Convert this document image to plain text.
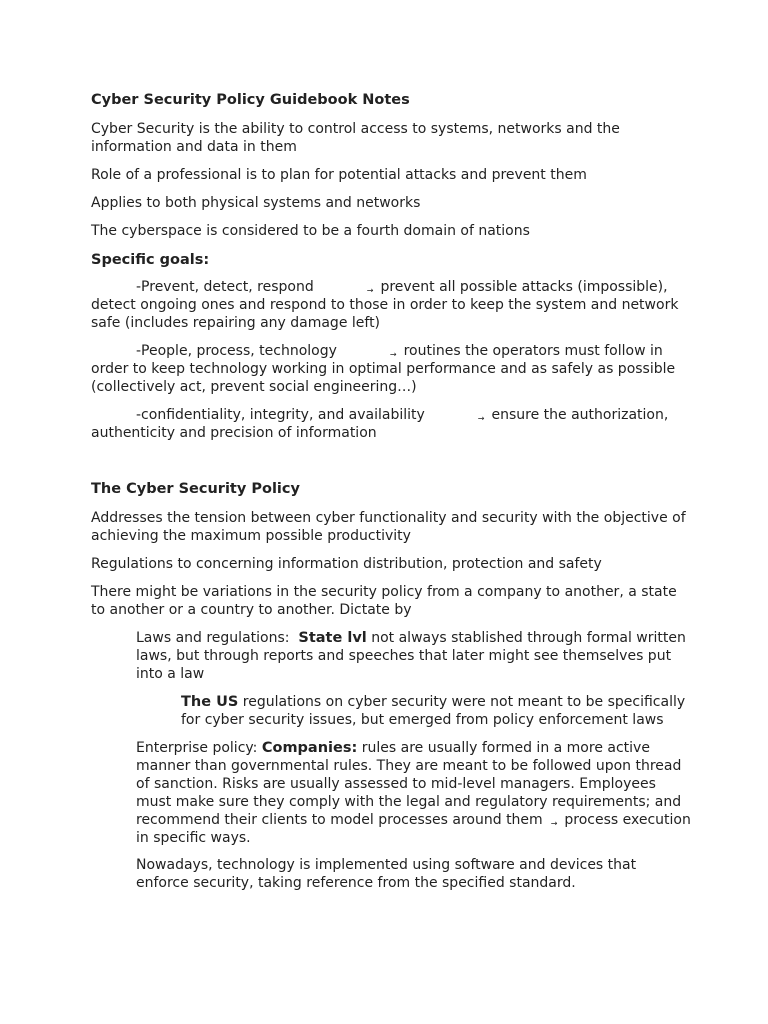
Cyber Security Policy Guidebook Notes

Cyber Security is the ability to control access to systems, networks and the information and data in them

Role of a professional is to plan for potential attacks and prevent them

Applies to both physical systems and networks

The cyberspace is considered to be a fourth domain of nations

Specific goals:

-Prevent, detect, respond	→ prevent all possible attacks (impossible), detect ongoing ones and respond to those in order to keep the system and network safe (includes repairing any damage left)

-People, process, technology	→ routines the operators must follow in order to keep technology working in optimal performance and as safely as possible (collectively act, prevent social engineering…)

-confidentiality, integrity, and availability	→ ensure the authorization, authenticity and precision of information

The Cyber Security Policy

Addresses the tension between cyber functionality and security with the objective of achieving the maximum possible productivity

Regulations to concerning information distribution, protection and safety

There might be variations in the security policy from a company to another, a state to another or a country to another. Dictate by

Laws and regulations: State lvl not always stablished through formal written laws, but through reports and speeches that later might see themselves put into a law

The US regulations on cyber security were not meant to be specifically for cyber security issues, but emerged from policy enforcement laws

Enterprise policy: Companies: rules are usually formed in a more active manner than governmental rules. They are meant to be followed upon thread of sanction. Risks are usually assessed to mid-level managers. Employees must make sure they comply with the legal and regulatory requirements; and recommend their clients to model processes around them → process execution in specific ways.

Nowadays, technology is implemented using software and devices that enforce security, taking reference from the specified standard.
